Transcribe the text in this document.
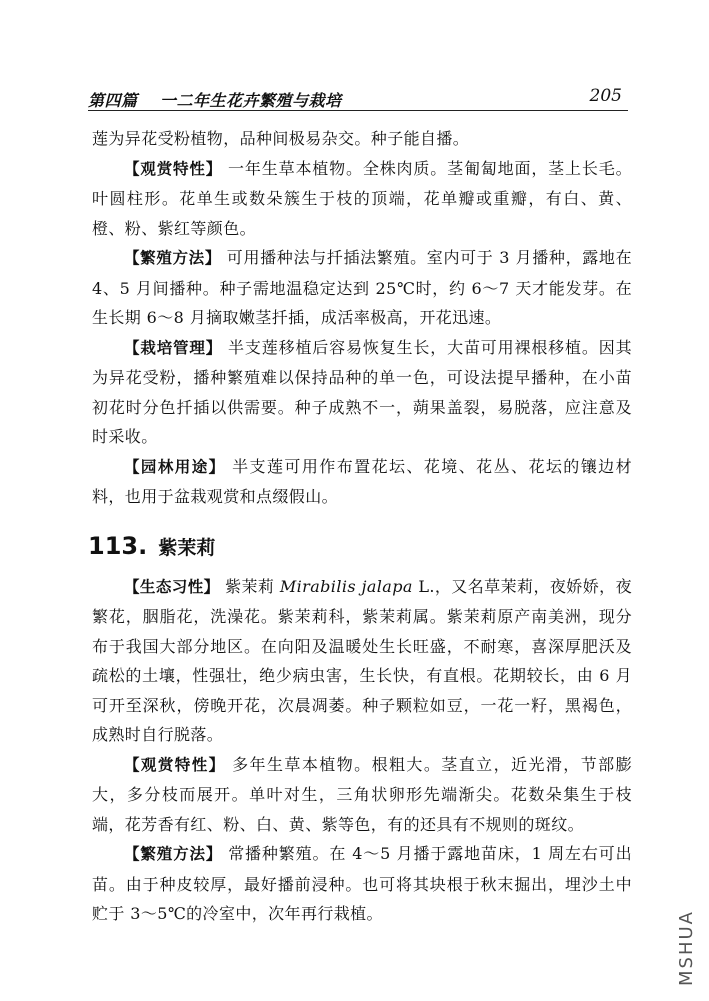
第四篇 一二年生花卉繁殖与栽培	205

莲为异花受粉植物，品种间极易杂交。种子能自播。

【观赏特性】 一年生草本植物。全株肉质。茎匍匐地面，茎上长毛。叶圆柱形。花单生或数朵簇生于枝的顶端，花单瓣或重瓣，有白、黄、橙、粉、紫红等颜色。

【繁殖方法】 可用播种法与扦插法繁殖。室内可于 3 月播种，露地在 4、5 月间播种。种子需地温稳定达到 25℃时，约 6～7 天才能发芽。在生长期 6～8 月摘取嫩茎扦插，成活率极高，开花迅速。

【栽培管理】 半支莲移植后容易恢复生长，大苗可用裸根移植。因其为异花受粉，播种繁殖难以保持品种的单一色，可设法提早播种，在小苗初花时分色扦插以供需要。种子成熟不一，蒴果盖裂，易脱落，应注意及时采收。

【园林用途】 半支莲可用作布置花坛、花境、花丛、花坛的镶边材料，也用于盆栽观赏和点缀假山。

113. 紫茉莉

【生态习性】 紫茉莉 Mirabilis jalapa L.，又名草茉莉，夜娇娇，夜繁花，胭脂花，洗澡花。紫茉莉科，紫茉莉属。紫茉莉原产南美洲，现分布于我国大部分地区。在向阳及温暖处生长旺盛，不耐寒，喜深厚肥沃及疏松的土壤，性强壮，绝少病虫害，生长快，有直根。花期较长，由 6 月可开至深秋，傍晚开花，次晨凋萎。种子颗粒如豆，一花一籽，黑褐色，成熟时自行脱落。

【观赏特性】 多年生草本植物。根粗大。茎直立，近光滑，节部膨大，多分枝而展开。单叶对生，三角状卵形先端渐尖。花数朵集生于枝端，花芳香有红、粉、白、黄、紫等色，有的还具有不规则的斑纹。

【繁殖方法】 常播种繁殖。在 4～5 月播于露地苗床，1 周左右可出苗。由于种皮较厚，最好播前浸种。也可将其块根于秋末掘出，埋沙土中贮于 3～5℃的冷室中，次年再行栽植。	MSHUA
